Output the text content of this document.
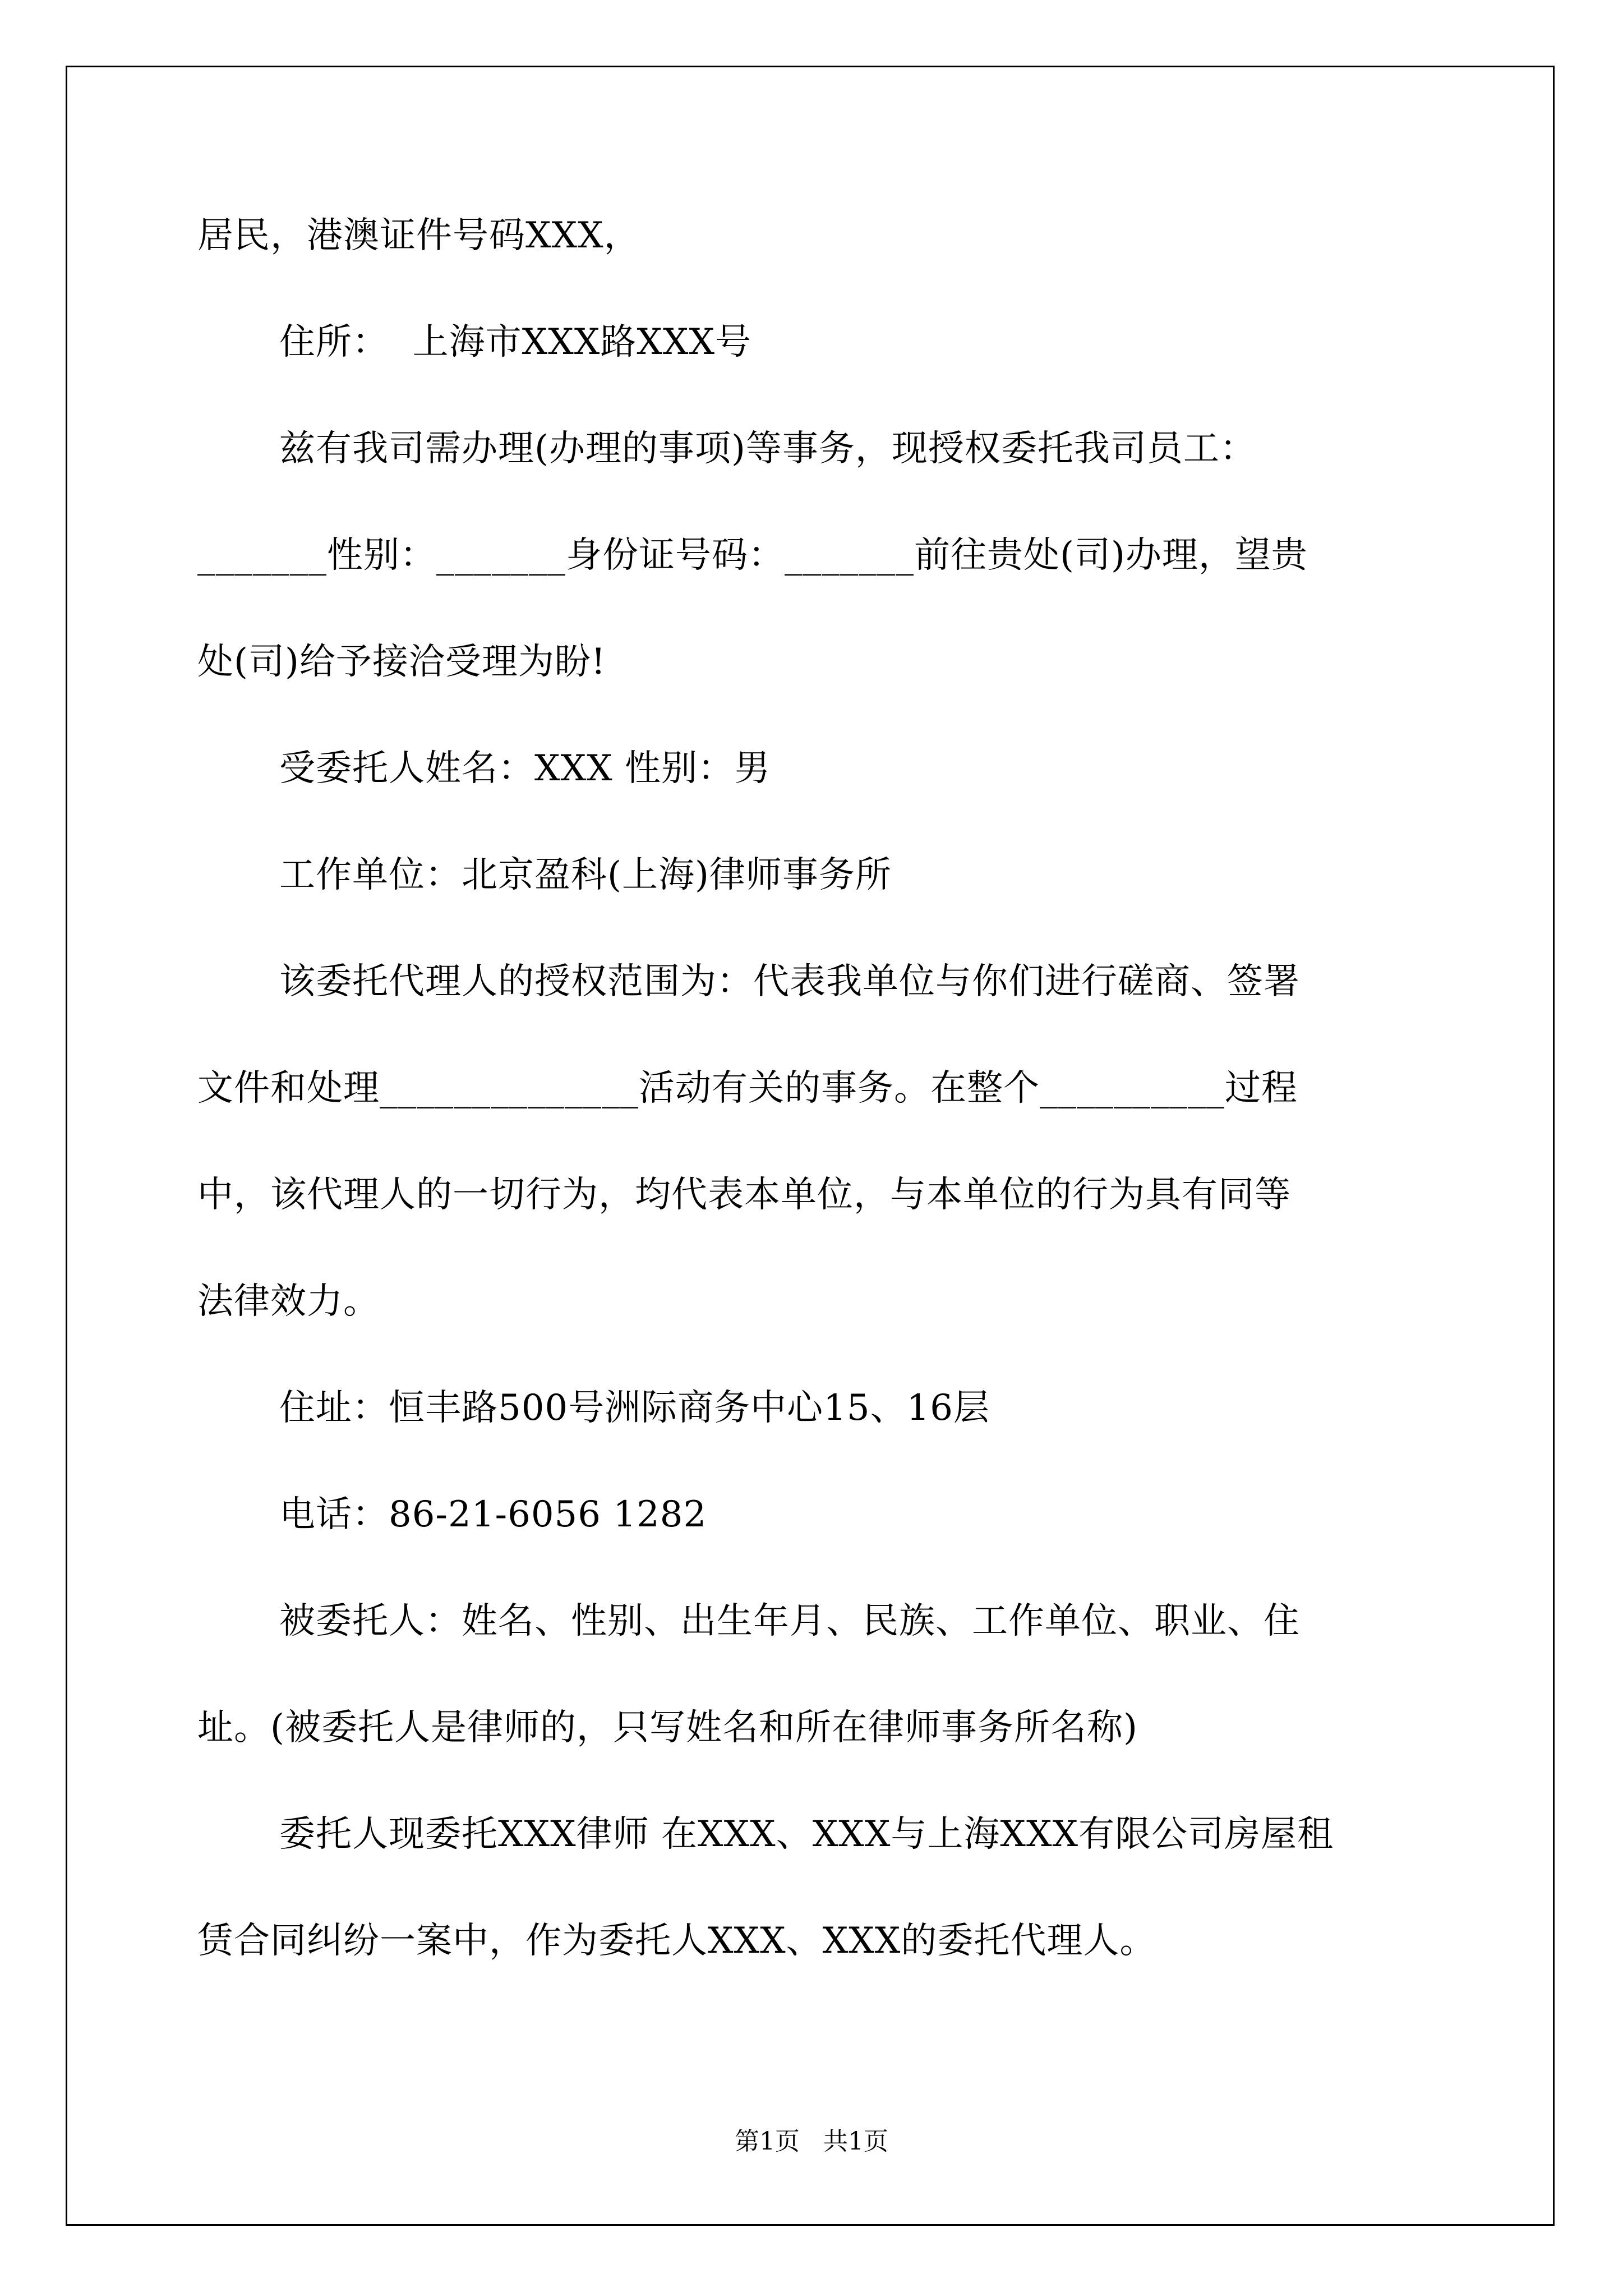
居民，港澳证件号码XXX，
住所：  上海市XXX路XXX号
兹有我司需办理(办理的事项)等事务，现授权委托我司员工：
_______性别：_______身份证号码：_______前往贵处(司)办理，望贵
处(司)给予接洽受理为盼!
受委托人姓名：XXX 性别：男
工作单位：北京盈科(上海)律师事务所
该委托代理人的授权范围为：代表我单位与你们进行磋商、签署
文件和处理______________活动有关的事务。在整个__________过程
中，该代理人的一切行为，均代表本单位，与本单位的行为具有同等
法律效力。
住址：恒丰路500号洲际商务中心15、16层
电话：86-21-6056 1282
被委托人：姓名、性别、出生年月、民族、工作单位、职业、住
址。(被委托人是律师的，只写姓名和所在律师事务所名称)
委托人现委托XXX律师 在XXX、XXX与上海XXX有限公司房屋租
赁合同纠纷一案中，作为委托人XXX、XXX的委托代理人。
第1页   共1页
